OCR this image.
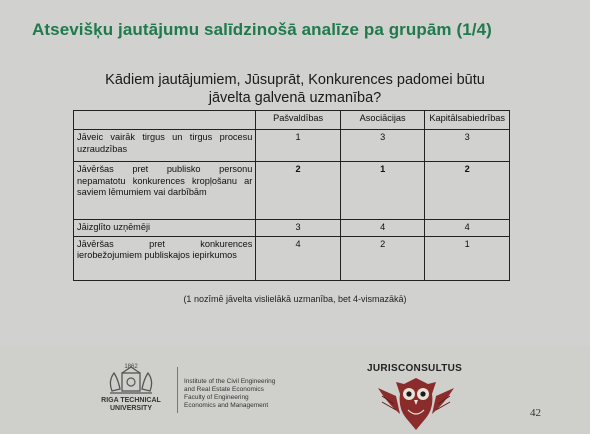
Atsevišķu jautājumu salīdzinošā analīze pa grupām (1/4)
Kādiem jautājumiem, Jūsuprāt, Konkurences padomei būtu
jāvelta galvenā uzmanība?
	Pašvaldības	Asociācijas	Kapitālsabiedrības
Jāveic vairāk tirgus un tirgus procesu uzraudzības	1	3	3
Jāvēršas pret publisko personu nepamatotu konkurences kropļošanu ar saviem lēmumiem vai darbībām	2	1	2
Jāizglīto uzņēmēji	3	4	4
Jāvēršas pret konkurences ierobežojumiem publiskajos iepirkumos	4	2	1
(1 nozīmē jāvelta vislielākā uzmanība, bet 4-vismazākā)
1862
RIGA TECHNICAL
UNIVERSITY
Institute of the Civil Engineering
and Real Estate Economics
Faculty of Engineering
Economics and Management
JURISCONSULTUS
42
